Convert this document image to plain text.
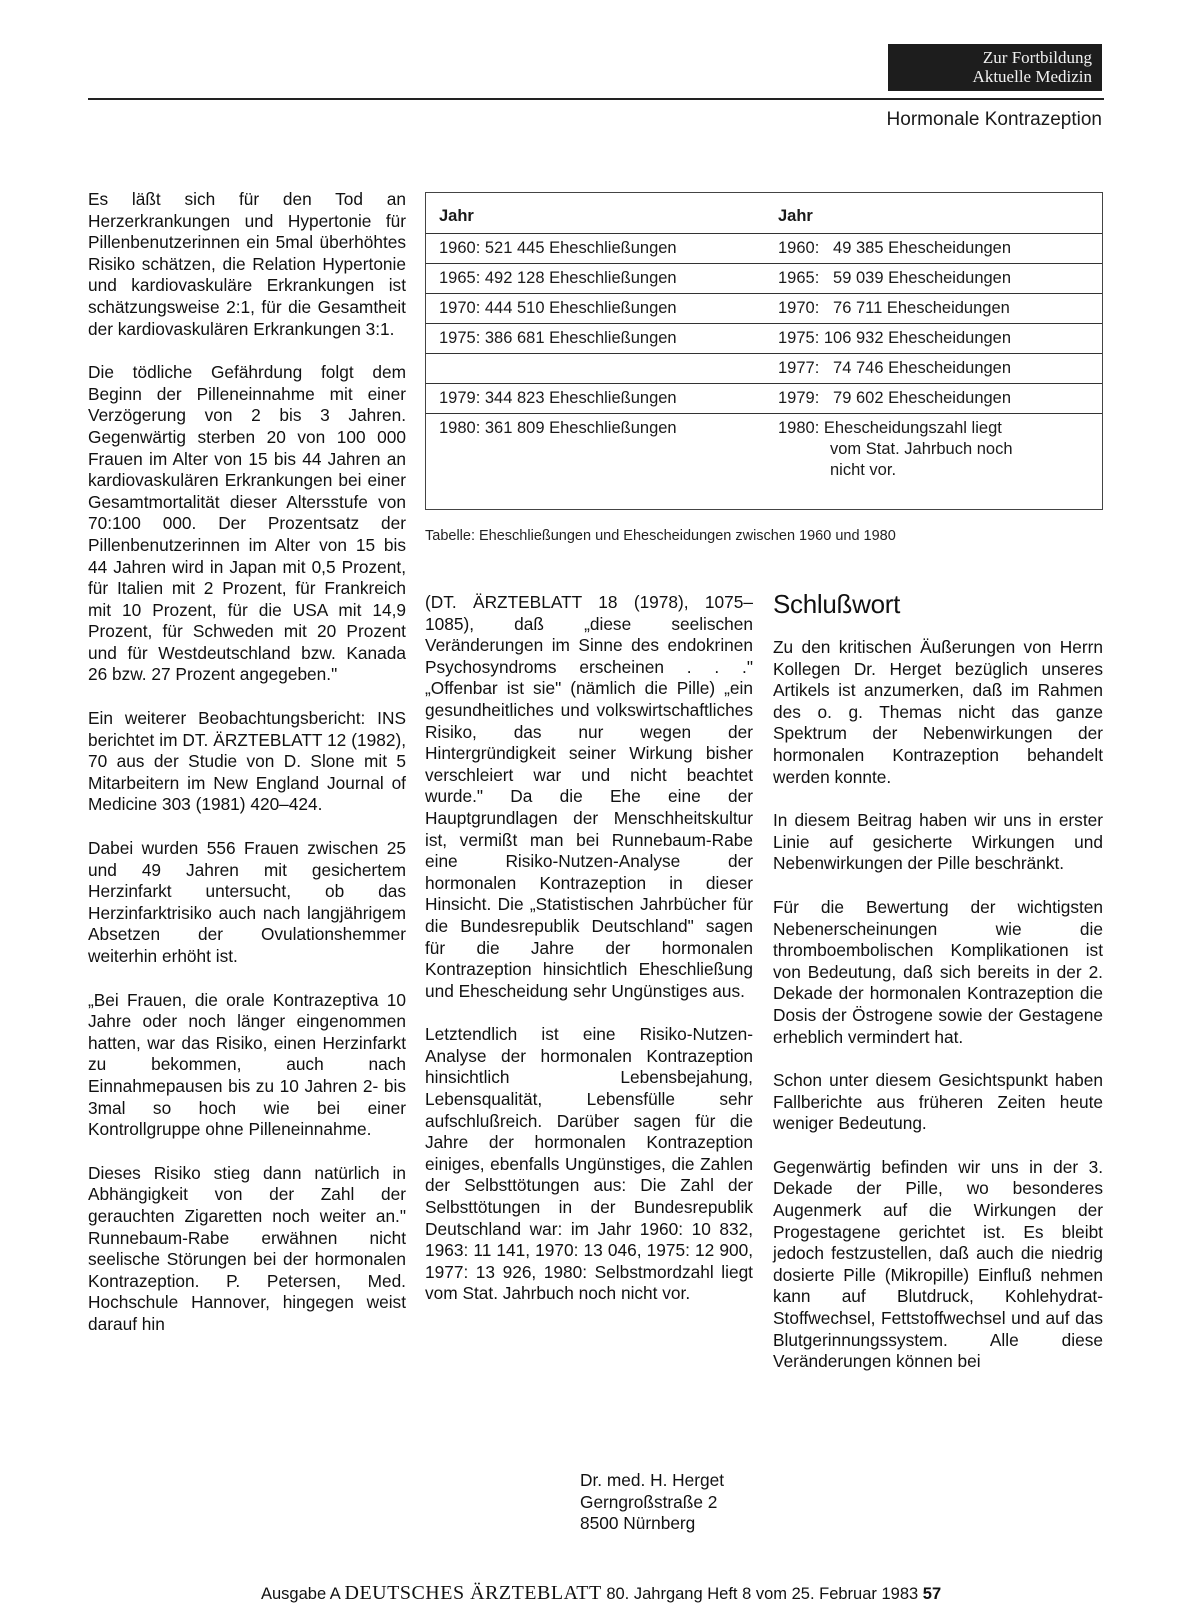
Zur Fortbildung
Aktuelle Medizin
Hormonale Kontrazeption

Es läßt sich für den Tod an Herzerkrankungen und Hypertonie für Pillenbenutzerinnen ein 5mal überhöhtes Risiko schätzen, die Relation Hypertonie und kardiovaskuläre Erkrankungen ist schätzungsweise 2:1, für die Gesamtheit der kardiovaskulären Erkrankungen 3:1.

Die tödliche Gefährdung folgt dem Beginn der Pilleneinnahme mit einer Verzögerung von 2 bis 3 Jahren. Gegenwärtig sterben 20 von 100 000 Frauen im Alter von 15 bis 44 Jahren an kardiovaskulären Erkrankungen bei einer Gesamtmortalität dieser Altersstufe von 70:100 000. Der Prozentsatz der Pillenbenutzerinnen im Alter von 15 bis 44 Jahren wird in Japan mit 0,5 Prozent, für Italien mit 2 Prozent, für Frankreich mit 10 Prozent, für die USA mit 14,9 Prozent, für Schweden mit 20 Prozent und für Westdeutschland bzw. Kanada 26 bzw. 27 Prozent angegeben."

Ein weiterer Beobachtungsbericht: INS berichtet im DT. ÄRZTEBLATT 12 (1982), 70 aus der Studie von D. Slone mit 5 Mitarbeitern im New England Journal of Medicine 303 (1981) 420–424.

Dabei wurden 556 Frauen zwischen 25 und 49 Jahren mit gesichertem Herzinfarkt untersucht, ob das Herzinfarktrisiko auch nach langjährigem Absetzen der Ovulationshemmer weiterhin erhöht ist.

„Bei Frauen, die orale Kontrazeptiva 10 Jahre oder noch länger eingenommen hatten, war das Risiko, einen Herzinfarkt zu bekommen, auch nach Einnahmepausen bis zu 10 Jahren 2- bis 3mal so hoch wie bei einer Kontrollgruppe ohne Pilleneinnahme.

Dieses Risiko stieg dann natürlich in Abhängigkeit von der Zahl der gerauchten Zigaretten noch weiter an." Runnebaum-Rabe erwähnen nicht seelische Störungen bei der hormonalen Kontrazeption. P. Petersen, Med. Hochschule Hannover, hingegen weist darauf hin

Jahr	Jahr
1960: 521 445 Eheschließungen	1960:   49 385 Ehescheidungen
1965: 492 128 Eheschließungen	1965:   59 039 Ehescheidungen
1970: 444 510 Eheschließungen	1970:   76 711 Ehescheidungen
1975: 386 681 Eheschließungen	1975: 106 932 Ehescheidungen
	1977:   74 746 Ehescheidungen
1979: 344 823 Eheschließungen	1979:   79 602 Ehescheidungen
1980: 361 809 Eheschließungen	1980: Ehescheidungszahl liegt
vom Stat. Jahrbuch noch
nicht vor.
Tabelle: Eheschließungen und Ehescheidungen zwischen 1960 und 1980

(DT. ÄRZTEBLATT 18 (1978), 1075–1085), daß „diese seelischen Veränderungen im Sinne des endokrinen Psychosyndroms erscheinen . . ." „Offenbar ist sie" (nämlich die Pille) „ein gesundheitliches und volkswirtschaftliches Risiko, das nur wegen der Hintergründigkeit seiner Wirkung bisher verschleiert war und nicht beachtet wurde." Da die Ehe eine der Hauptgrundlagen der Menschheitskultur ist, vermißt man bei Runnebaum-Rabe eine Risiko-Nutzen-Analyse der hormonalen Kontrazeption in dieser Hinsicht. Die „Statistischen Jahrbücher für die Bundesrepublik Deutschland" sagen für die Jahre der hormonalen Kontrazeption hinsichtlich Eheschließung und Ehescheidung sehr Ungünstiges aus.

Letztendlich ist eine Risiko-Nutzen-Analyse der hormonalen Kontrazeption hinsichtlich Lebensbejahung, Lebensqualität, Lebensfülle sehr aufschlußreich. Darüber sagen für die Jahre der hormonalen Kontrazeption einiges, ebenfalls Ungünstiges, die Zahlen der Selbsttötungen aus: Die Zahl der Selbsttötungen in der Bundesrepublik Deutschland war: im Jahr 1960: 10 832, 1963: 11 141, 1970: 13 046, 1975: 12 900, 1977: 13 926, 1980: Selbstmordzahl liegt vom Stat. Jahrbuch noch nicht vor.

Dr. med. H. Herget
Gerngroßstraße 2
8500 Nürnberg
Schlußwort

Zu den kritischen Äußerungen von Herrn Kollegen Dr. Herget bezüglich unseres Artikels ist anzumerken, daß im Rahmen des o. g. Themas nicht das ganze Spektrum der Nebenwirkungen der hormonalen Kontrazeption behandelt werden konnte.

In diesem Beitrag haben wir uns in erster Linie auf gesicherte Wirkungen und Nebenwirkungen der Pille beschränkt.

Für die Bewertung der wichtigsten Nebenerscheinungen wie die thromboembolischen Komplikationen ist von Bedeutung, daß sich bereits in der 2. Dekade der hormonalen Kontrazeption die Dosis der Östrogene sowie der Gestagene erheblich vermindert hat.

Schon unter diesem Gesichtspunkt haben Fallberichte aus früheren Zeiten heute weniger Bedeutung.

Gegenwärtig befinden wir uns in der 3. Dekade der Pille, wo besonderes Augenmerk auf die Wirkungen der Progestagene gerichtet ist. Es bleibt jedoch festzustellen, daß auch die niedrig dosierte Pille (Mikropille) Einfluß nehmen kann auf Blutdruck, Kohlehydrat-Stoffwechsel, Fettstoffwechsel und auf das Blutgerinnungssystem. Alle diese Veränderungen können bei

Ausgabe A DEUTSCHES ÄRZTEBLATT 80. Jahrgang Heft 8 vom 25. Februar 1983 57
